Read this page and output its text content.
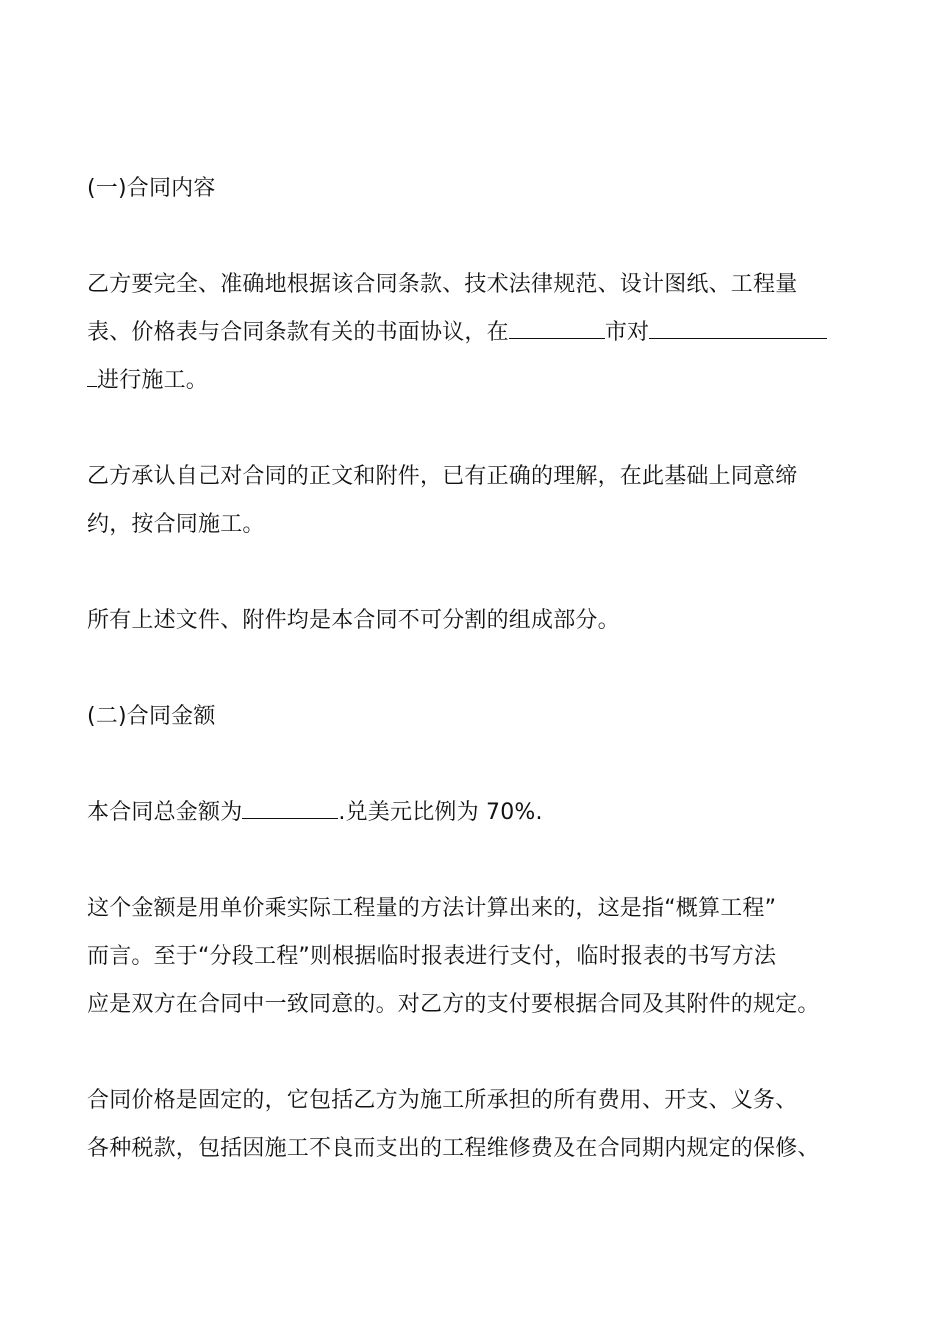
(一)合同内容

乙方要完全、准确地根据该合同条款、技术法律规范、设计图纸、工程量

表、价格表与合同条款有关的书面协议，在	市对

进行施工。

乙方承认自己对合同的正文和附件，已有正确的理解，在此基础上同意缔

约，按合同施工。

所有上述文件、附件均是本合同不可分割的组成部分。

(二)合同金额

本合同总金额为	.兑美元比例为 70%.

这个金额是用单价乘实际工程量的方法计算出来的，这是指“概算工程”

而言。至于“分段工程”则根据临时报表进行支付，临时报表的书写方法

应是双方在合同中一致同意的。对乙方的支付要根据合同及其附件的规定。

合同价格是固定的，它包括乙方为施工所承担的所有费用、开支、义务、

各种税款，包括因施工不良而支出的工程维修费及在合同期内规定的保修、
